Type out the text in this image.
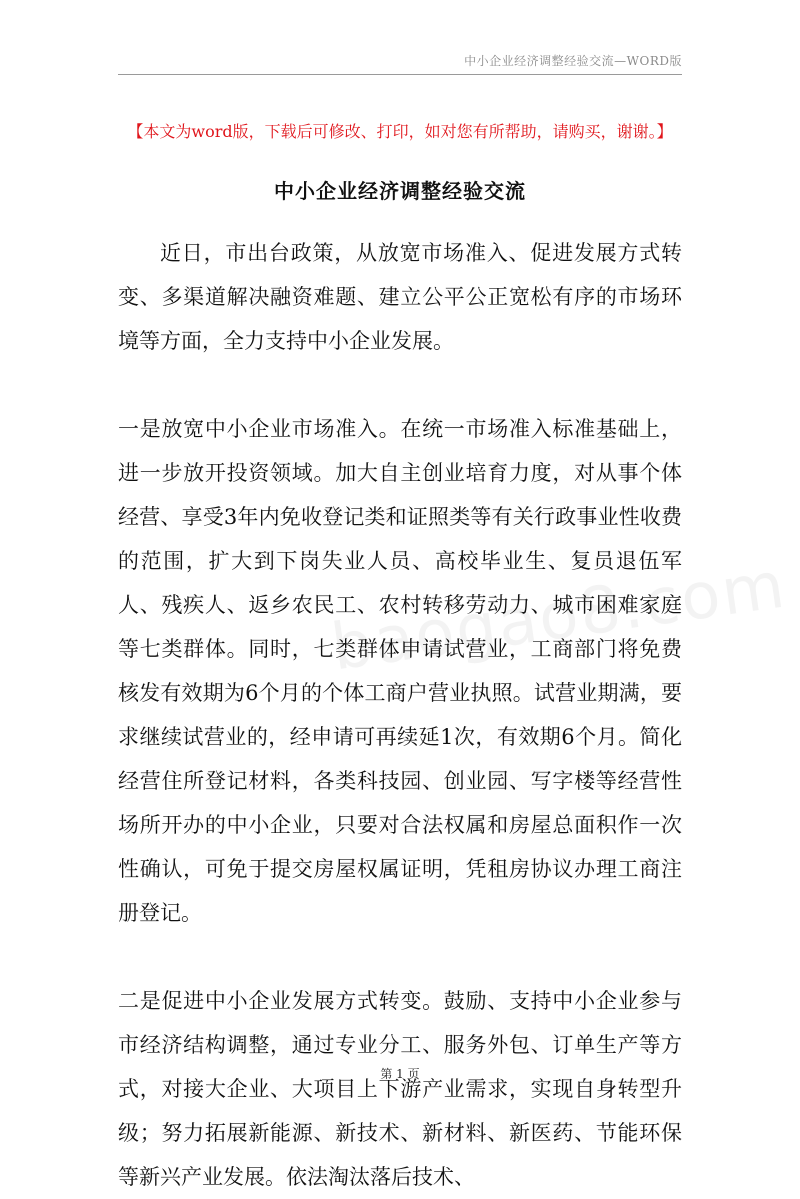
中小企业经济调整经验交流—WORD版
【本文为word版，下载后可修改、打印，如对您有所帮助，请购买，谢谢。】
中小企业经济调整经验交流

近日，市出台政策，从放宽市场准入、促进发展方式转变、多渠道解决融资难题、建立公平公正宽松有序的市场环境等方面，全力支持中小企业发展。

一是放宽中小企业市场准入。在统一市场准入标准基础上，进一步放开投资领域。加大自主创业培育力度，对从事个体经营、享受3年内免收登记类和证照类等有关行政事业性收费的范围，扩大到下岗失业人员、高校毕业生、复员退伍军人、残疾人、返乡农民工、农村转移劳动力、城市困难家庭等七类群体。同时，七类群体申请试营业，工商部门将免费核发有效期为6个月的个体工商户营业执照。试营业期满，要求继续试营业的，经申请可再续延1次，有效期6个月。简化经营住所登记材料，各类科技园、创业园、写字楼等经营性场所开办的中小企业，只要对合法权属和房屋总面积作一次性确认，可免于提交房屋权属证明，凭租房协议办理工商注册登记。

二是促进中小企业发展方式转变。鼓励、支持中小企业参与市经济结构调整，通过专业分工、服务外包、订单生产等方式，对接大企业、大项目上下游产业需求，实现自身转型升级；努力拓展新能源、新技术、新材料、新医药、节能环保等新兴产业发展。依法淘汰落后技术、

第 1 页
